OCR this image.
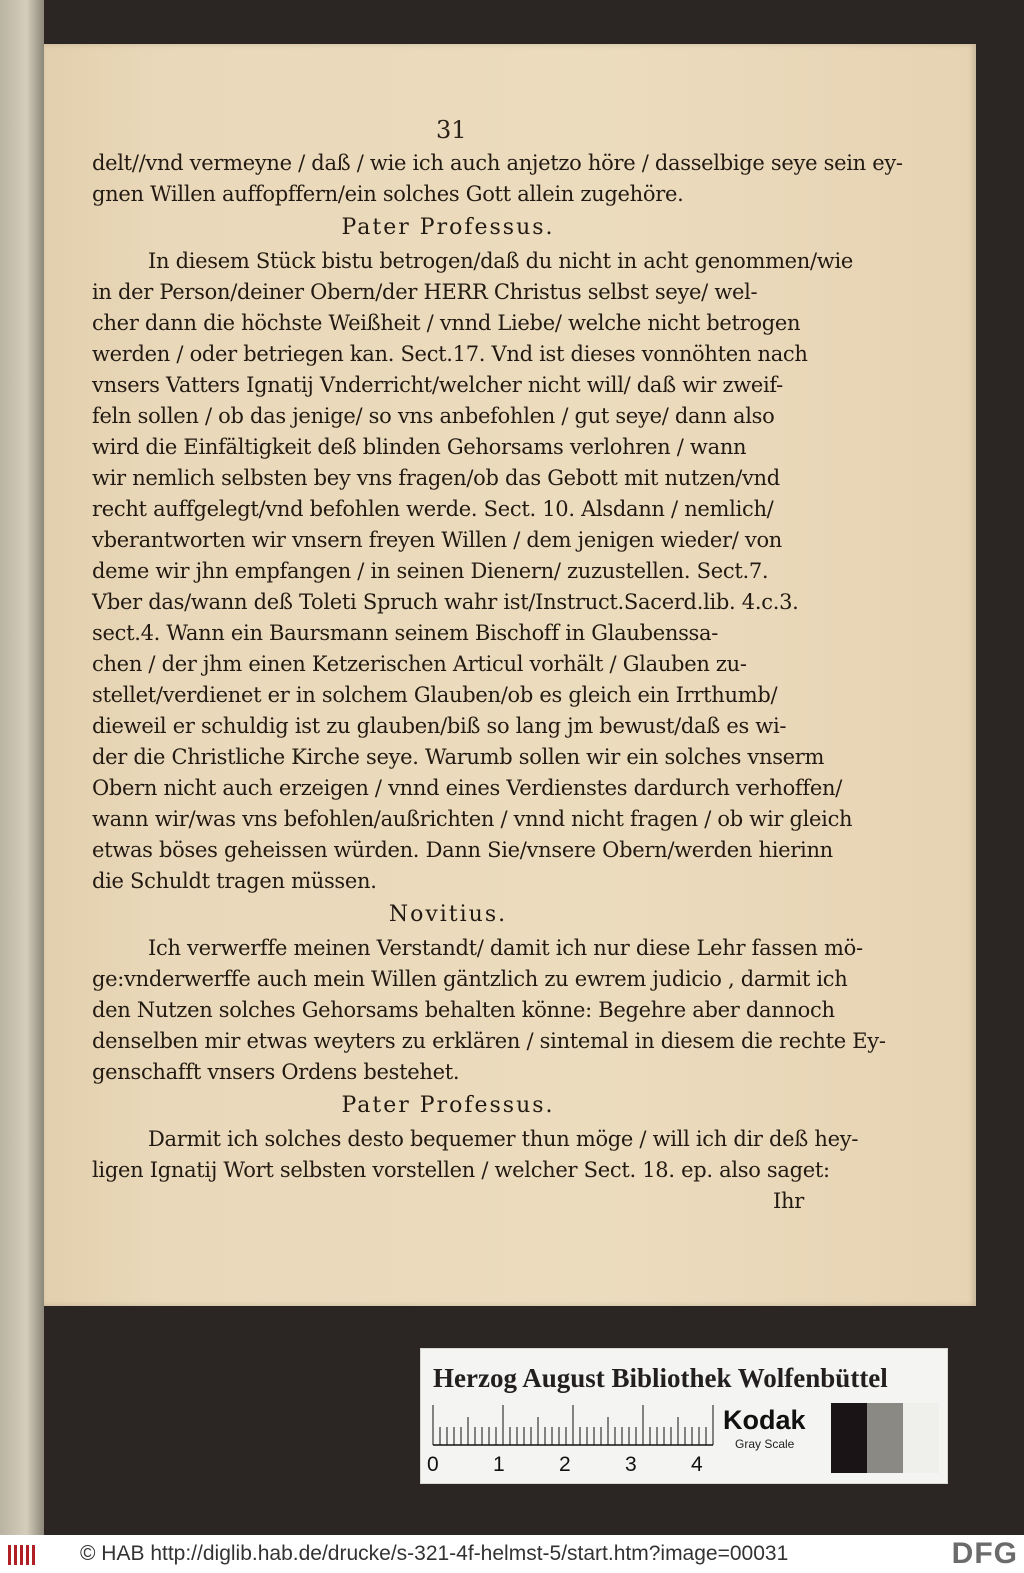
31
delt//vnd vermeyne / daß / wie ich auch anjetzo höre / dasselbige seye sein ey-
gnen Willen auffopffern/ein solches Gott allein zugehöre.
Pater Professus.
In diesem Stück bistu betrogen/daß du nicht in acht genommen/wie
in der Person/deiner Obern/der HERR Christus selbst seye/ wel-
cher dann die höchste Weißheit / vnnd Liebe/ welche nicht betrogen
werden / oder betriegen kan. Sect.17. Vnd ist dieses vonnöhten nach
vnsers Vatters Ignatij Vnderricht/welcher nicht will/ daß wir zweif-
feln sollen / ob das jenige/ so vns anbefohlen / gut seye/ dann also
wird die Einfältigkeit deß blinden Gehorsams verlohren / wann
wir nemlich selbsten bey vns fragen/ob das Gebott mit nutzen/vnd
recht auffgelegt/vnd befohlen werde. Sect. 10. Alsdann / nemlich/
vberantworten wir vnsern freyen Willen / dem jenigen wieder/ von
deme wir jhn empfangen / in seinen Dienern/ zuzustellen. Sect.7.
Vber das/wann deß Toleti Spruch wahr ist/Instruct.Sacerd.lib. 4.c.3.
sect.4. Wann ein Baursmann seinem Bischoff in Glaubenssa-
chen / der jhm einen Ketzerischen Articul vorhält / Glauben zu-
stellet/verdienet er in solchem Glauben/ob es gleich ein Irrthumb/
dieweil er schuldig ist zu glauben/biß so lang jm bewust/daß es wi-
der die Christliche Kirche seye. Warumb sollen wir ein solches vnserm
Obern nicht auch erzeigen / vnnd eines Verdienstes dardurch verhoffen/
wann wir/was vns befohlen/außrichten / vnnd nicht fragen / ob wir gleich
etwas böses geheissen würden. Dann Sie/vnsere Obern/werden hierinn
die Schuldt tragen müssen.
Novitius.
Ich verwerffe meinen Verstandt/ damit ich nur diese Lehr fassen mö-
ge:vnderwerffe auch mein Willen gäntzlich zu ewrem judicio , darmit ich
den Nutzen solches Gehorsams behalten könne: Begehre aber dannoch
denselben mir etwas weyters zu erklären / sintemal in diesem die rechte Ey-
genschafft vnsers Ordens bestehet.
Pater Professus.
Darmit ich solches desto bequemer thun möge / will ich dir deß hey-
ligen Ignatij Wort selbsten vorstellen / welcher Sect. 18. ep. also saget:
Ihr
Herzog August Bibliothek Wolfenbüttel
0	1	2	3	4
Kodak
Gray Scale
© HAB http://diglib.hab.de/drucke/s-321-4f-helmst-5/start.htm?image=00031	DFG
